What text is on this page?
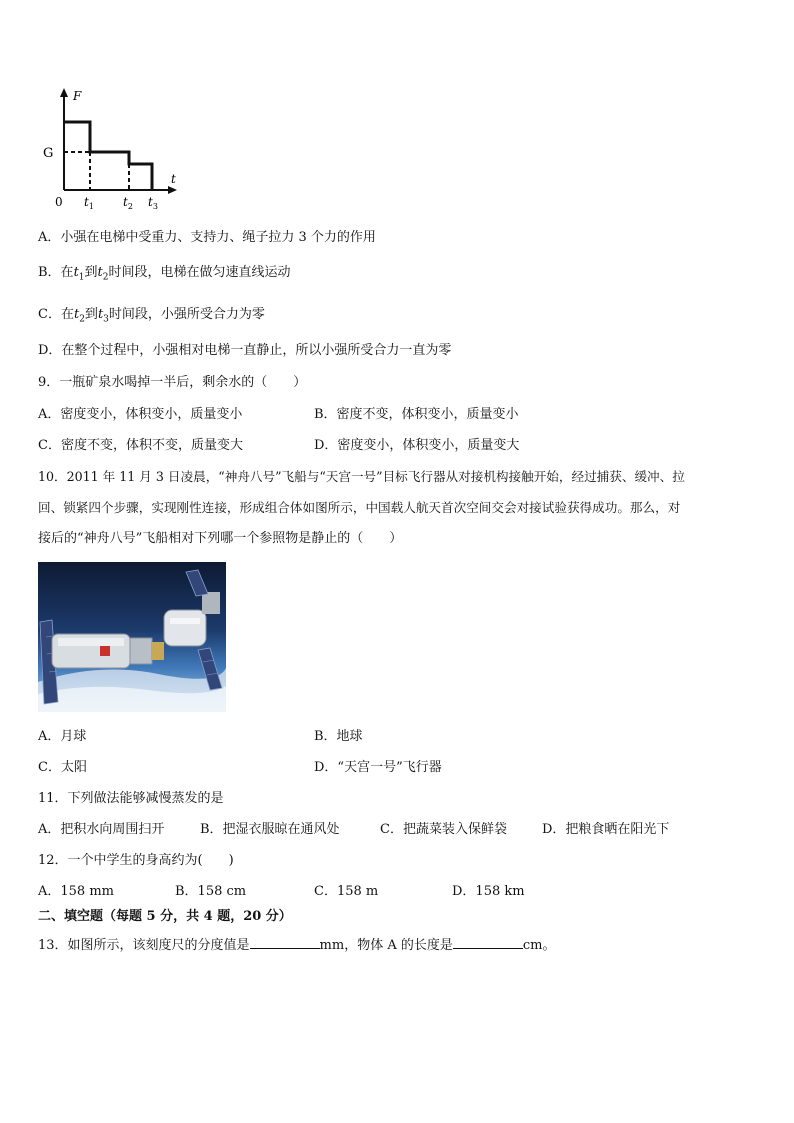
F
t
G
0 $t_1$ $t_2$ $t_3$
A．小强在电梯中受重力、支持力、绳子拉力 3 个力的作用
B．在$t_1$到$t_2$时间段，电梯在做匀速直线运动
C．在$t_2$到$t_3$时间段，小强所受合力为零
D．在整个过程中，小强相对电梯一直静止，所以小强所受合力一直为零
9．一瓶矿泉水喝掉一半后，剩余水的（　　）
A．密度变小，体积变小，质量变小	B．密度不变，体积变小，质量变小
C．密度不变，体积不变，质量变大	D．密度变小，体积变小，质量变大
10．2011 年 11 月 3 日凌晨，“神舟八号”飞船与“天宫一号”目标飞行器从对接机构接触开始，经过捕获、缓冲、拉
回、锁紧四个步骤，实现刚性连接，形成组合体如图所示，中国载人航天首次空间交会对接试验获得成功。那么，对
接后的“神舟八号”飞船相对下列哪一个参照物是静止的（　　）
A．月球	B．地球
C．太阳	D．“天宫一号”飞行器
11．下列做法能够减慢蒸发的是
A．把积水向周围扫开	B．把湿衣服晾在通风处	C．把蔬菜装入保鲜袋	D．把粮食晒在阳光下
12．一个中学生的身高约为(　　)
A．158 mm	B．158 cm	C．158 m	D．158 km
二、填空题（每题 5 分，共 4 题，20 分）
13．如图所示，该刻度尺的分度值是	mm，物体 A 的长度是	cm。
